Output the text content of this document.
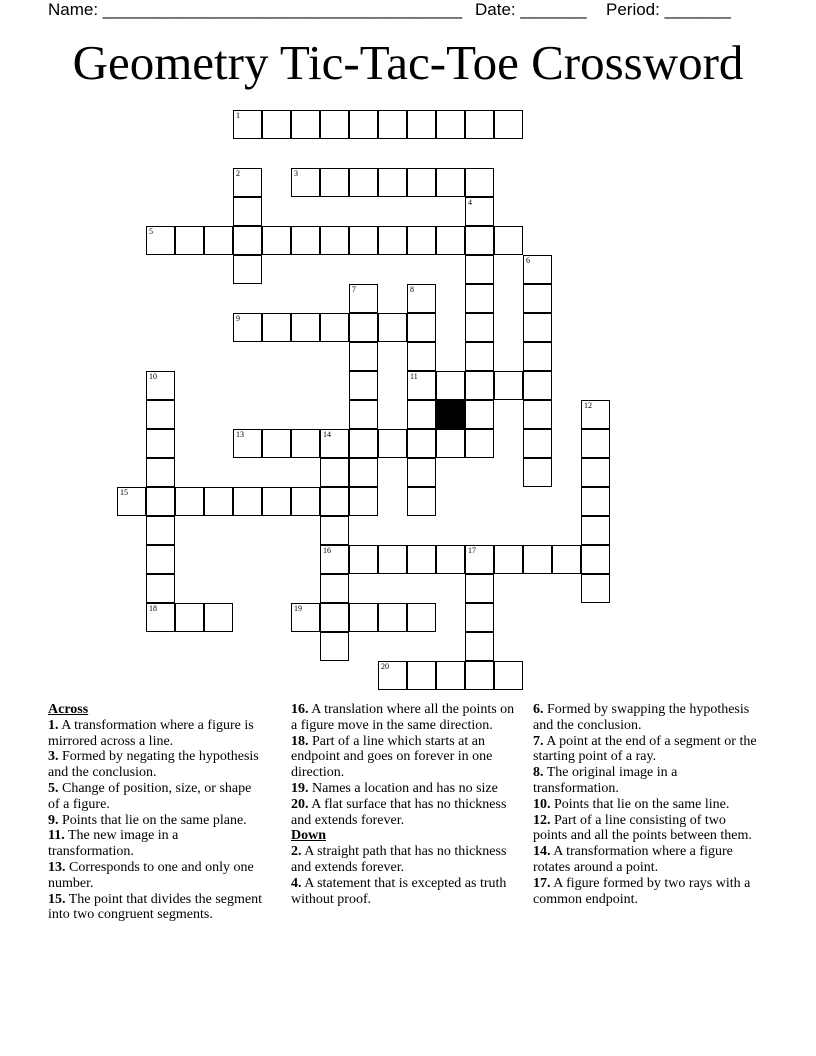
Name: ______________________________________ Date: _______ Period: _______
Geometry Tic-Tac-Toe Crossword
1
2	3
4
5
6
7	8
9
10	11
12
13	14
15
16	17
18	19
20

Across

1. A transformation where a figure is mirrored across a line.

3. Formed by negating the hypothesis and the conclusion.

5. Change of position, size, or shape of a figure.

9. Points that lie on the same plane.

11. The new image in a transformation.

13. Corresponds to one and only one number.

15. The point that divides the segment into two congruent segments.

16. A translation where all the points on a figure move in the same direction.

18. Part of a line which starts at an endpoint and goes on forever in one direction.

19. Names a location and has no size

20. A flat surface that has no thickness and extends forever.

Down

2. A straight path that has no thickness and extends forever.

4. A statement that is excepted as truth without proof.

6. Formed by swapping the hypothesis and the conclusion.

7. A point at the end of a segment or the starting point of a ray.

8. The original image in a transformation.

10. Points that lie on the same line.

12. Part of a line consisting of two points and all the points between them.

14. A transformation where a figure rotates around a point.

17. A figure formed by two rays with a common endpoint.
